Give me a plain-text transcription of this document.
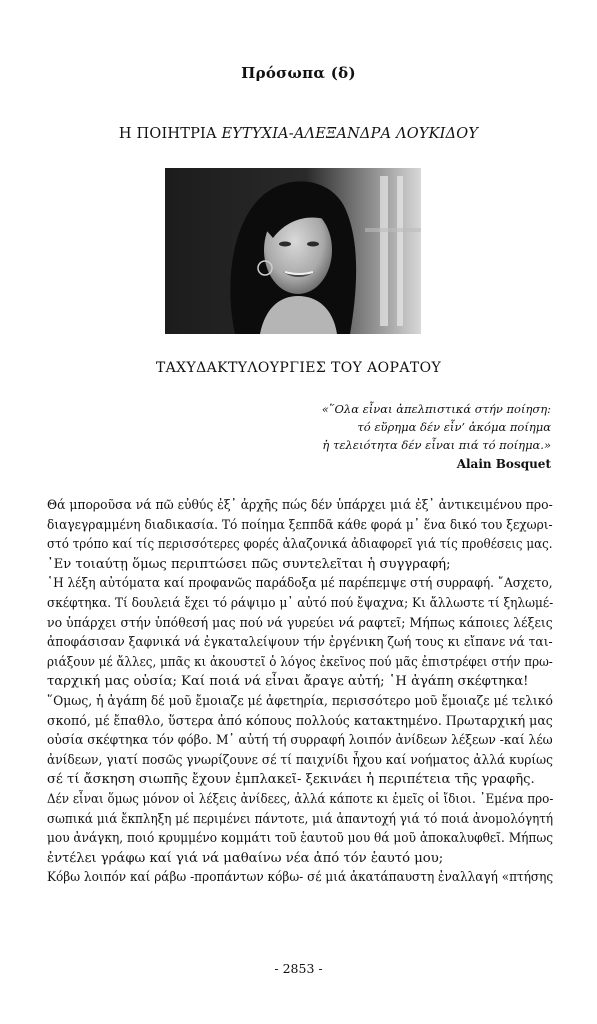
Πρόσωπα (δ)
Η ΠΟΙΗΤΡΙΑ ΕΥΤΥΧΙΑ-ΑΛΕΞΑΝΔΡΑ ΛΟΥΚΙΔΟΥ
ΤΑΧΥΔΑΚΤΥΛΟΥΡΓΙΕΣ ΤΟΥ ΑΟΡΑΤΟΥ
«῞Ολα εἶναι ἀπελπιστικά στήν ποίηση:
τό εὕρημα δέν εἶν’ ἀκόμα ποίημα
ἡ τελειότητα δέν εἶναι πιά τό ποίημα.»
Alain Bosquet
Θά μποροῦσα νά πῶ εὐθύς ἐξ᾽ ἀρχῆς πώς δέν ὑπάρχει μιά ἐξ᾽ ἀντικειμένου προ-
διαγεγραμμένη διαδικασία. Τό ποίημα ξεππδᾶ κάθε φορά μ᾽ ἕνα δικό του ξεχωρι-
στό τρόπο καί τίς περισσότερες φορές ἀλαζονικά ἀδιαφορεῖ γιά τίς προθέσεις μας.
᾿Εν τοιαύτῃ ὅμως περιπτώσει πῶς συντελεῖται ἡ συγγραφή;
῾Η λέξη αὐτόματα καί προφανῶς παράδοξα μέ παρέπεμψε στή συρραφή. ῎Ασχετο,
σκέφτηκα. Τί δουλειά ἔχει τό ράψιμο μ᾽ αὐτό πού ἔψαχνα; Κι ἄλλωστε τί ξηλωμέ-
νο ὑπάρχει στήν ὑπόθεσή μας πού νά γυρεύει νά ραφτεῖ; Μήπως κάποιες λέξεις
ἀποφάσισαν ξαφνικά νά ἐγκαταλείψουν τήν ἐργένικη ζωή τους κι εἴπανε νά ται-
ριάξουν μέ ἄλλες, μπᾶς κι ἀκουστεῖ ὁ λόγος ἐκεῖνος πού μᾶς ἐπιστρέφει στήν πρω-
ταρχική μας οὐσία; Καί ποιά νά εἶναι ἄραγε αὐτή; ῾Η ἀγάπη σκέφτηκα!
῞Ομως, ἡ ἀγάπη δέ μοῦ ἔμοιαζε μέ ἀφετηρία, περισσότερο μοῦ ἔμοιαζε μέ τελικό
σκοπό, μέ ἔπαθλο, ὕστερα ἀπό κόπους πολλούς κατακτημένο. Πρωταρχική μας
οὐσία σκέφτηκα τόν φόβο. Μ᾽ αὐτή τή συρραφή λοιπόν ἀνίδεων λέξεων -καί λέω
ἀνίδεων, γιατί ποσῶς γνωρίζουνε σέ τί παιχνίδι ἦχου καί νοήματος ἀλλά κυρίως
σέ τί ἄσκηση σιωπῆς ἔχουν ἐμπλακεῖ- ξεκινάει ἡ περιπέτεια τῆς γραφῆς.
Δέν εἶναι ὅμως μόνον οἱ λέξεις ἀνίδεες, ἀλλά κάποτε κι ἐμεῖς οἱ ἴδιοι. ᾿Εμένα προ-
σωπικά μιά ἔκπληξη μέ περιμένει πάντοτε, μιά ἀπαντοχή γιά τό ποιά ἀνομολόγητή
μου ἀνάγκη, ποιό κρυμμένο κομμάτι τοῦ ἑαυτοῦ μου θά μοῦ ἀποκαλυφθεῖ. Μήπως
ἐντέλει γράφω καί γιά νά μαθαίνω νέα ἀπό τόν ἑαυτό μου;
Κόβω λοιπόν καί ράβω -προπάντων κόβω- σέ μιά ἀκατάπαυστη ἐναλλαγή «πτήσης
- 2853 -
